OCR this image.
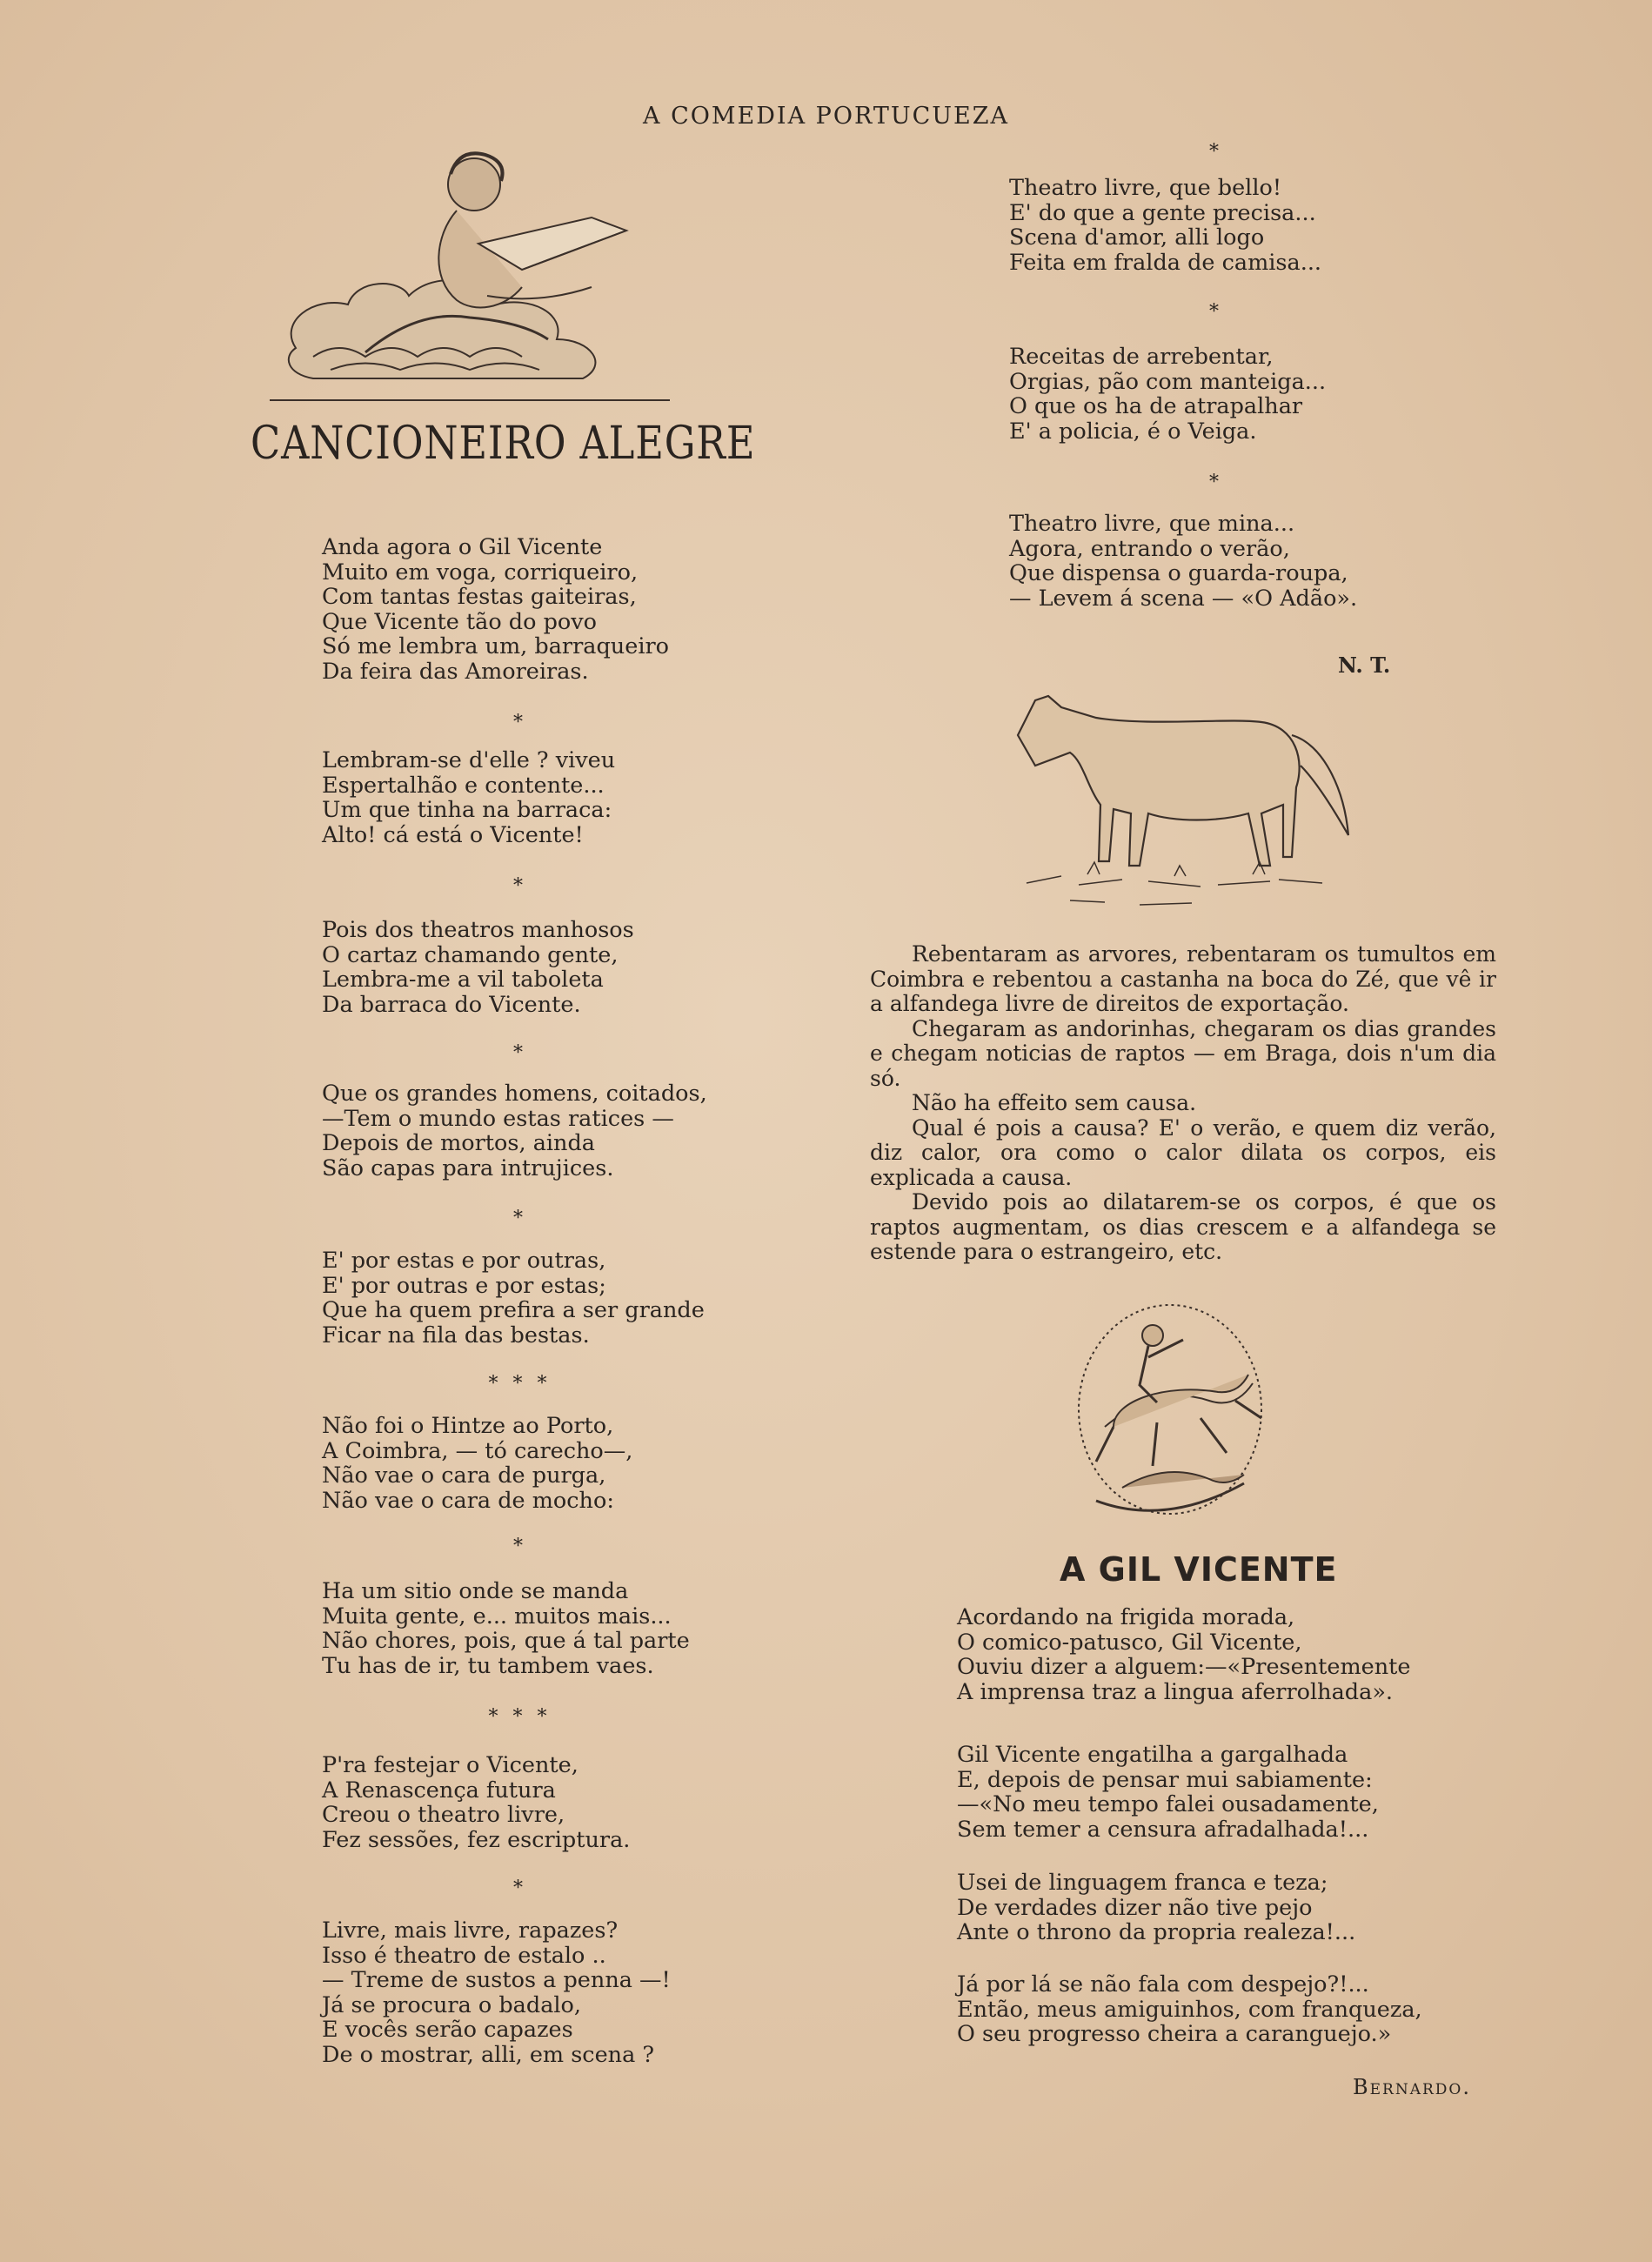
A COMEDIA PORTUCUEZA
CANCIONEIRO ALEGRE
Anda agora o Gil Vicente
Muito em voga, corriqueiro,
Com tantas festas gaiteiras,
Que Vicente tão do povo
Só me lembra um, barraqueiro
Da feira das Amoreiras.
*
Lembram-se d'elle ? viveu
Espertalhão e contente...
Um que tinha na barraca:
Alto! cá está o Vicente!
*
Pois dos theatros manhosos
O cartaz chamando gente,
Lembra-me a vil taboleta
Da barraca do Vicente.
*
Que os grandes homens, coitados,
—Tem o mundo estas ratices —
Depois de mortos, ainda
São capas para intrujices.
*
E' por estas e por outras,
E' por outras e por estas;
Que ha quem prefira a ser grande
Ficar na fila das bestas.
* * *
Não foi o Hintze ao Porto,
A Coimbra, — tó carecho—,
Não vae o cara de purga,
Não vae o cara de mocho:
*
Ha um sitio onde se manda
Muita gente, e... muitos mais...
Não chores, pois, que á tal parte
Tu has de ir, tu tambem vaes.
* * *
P'ra festejar o Vicente,
A Renascença futura
Creou o theatro livre,
Fez sessões, fez escriptura.
*
Livre, mais livre, rapazes?
Isso é theatro de estalo ..
— Treme de sustos a penna —!
Já se procura o badalo,
E vocês serão capazes
De o mostrar, alli, em scena ?
*
Theatro livre, que bello!
E' do que a gente precisa...
Scena d'amor, alli logo
Feita em fralda de camisa...
*
Receitas de arrebentar,
Orgias, pão com manteiga...
O que os ha de atrapalhar
E' a policia, é o Veiga.
*
Theatro livre, que mina...
Agora, entrando o verão,
Que dispensa o guarda-roupa,
— Levem á scena — «O Adão».
N. T.

Rebentaram as arvores, rebentaram os tumultos em Coimbra e rebentou a castanha na boca do Zé, que vê ir a alfandega livre de direitos de exportação.

Chegaram as andorinhas, chegaram os dias grandes e chegam noticias de raptos — em Braga, dois n'um dia só.

Não ha effeito sem causa.

Qual é pois a causa? E' o verão, e quem diz verão, diz calor, ora como o calor dilata os corpos, eis explicada a causa.

Devido pois ao dilatarem-se os corpos, é que os raptos augmentam, os dias crescem e a alfandega se estende para o estrangeiro, etc.

A GIL VICENTE
Acordando na frigida morada,
O comico-patusco, Gil Vicente,
Ouviu dizer a alguem:—«Presentemente
A imprensa traz a lingua aferrolhada».
Gil Vicente engatilha a gargalhada
E, depois de pensar mui sabiamente:
—«No meu tempo falei ousadamente,
Sem temer a censura afradalhada!...
Usei de linguagem franca e teza;
De verdades dizer não tive pejo
Ante o throno da propria realeza!...
Já por lá se não fala com despejo?!...
Então, meus amiguinhos, com franqueza,
O seu progresso cheira a caranguejo.»
Bernardo.
